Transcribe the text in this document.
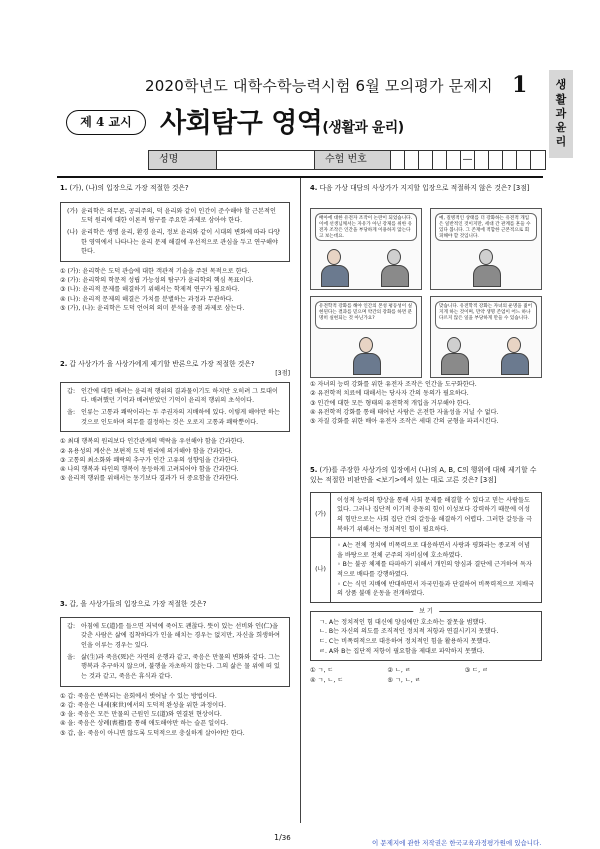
2020학년도 대학수학능력시험 6월 모의평가 문제지 1	생
활
과
윤
리
제 4 교시	사회탐구 영역(생활과 윤리)
성명	수험 번호	—
1. (가), (나)의 입장으로 가장 적절한 것은?
(가) 윤리학은 의무론, 공리주의, 덕 윤리와 같이 인간이 준수해야 할 근본적인 도덕 원리에 대한 이론적 탐구를 주요한 과제로 삼아야 한다.
(나) 윤리학은 생명 윤리, 환경 윤리, 정보 윤리와 같이 시대의 변화에 따라 다양한 영역에서 나타나는 윤리 문제 해결에 우선적으로 관심을 두고 연구해야 한다.
① (가): 윤리학은 도덕 관습에 대한 객관적 기술을 주된 목적으로 한다.
② (가): 윤리학의 학문적 성립 가능성의 탐구가 윤리학의 핵심 목표이다.
③ (나): 윤리적 문제를 해결하기 위해서는 학제적 연구가 필요하다.
④ (나): 윤리적 문제의 해결은 가치를 분별하는 과정과 무관하다.
⑤ (가), (나): 윤리학은 도덕 언어의 의미 분석을 중점 과제로 삼는다.
2. 갑 사상가가 을 사상가에게 제기할 반론으로 가장 적절한 것은?
[3점]
갑: 인간에 대한 배려는 윤리적 행위의 결과물이기도 하지만 오히려 그 토대이다. 배려했던 기억과 배려받았던 기억이 윤리적 행위의 초석이다.
을: 인류는 고통과 쾌락이라는 두 주권자의 지배하에 있다. 이렇게 해야만 하는 것으로 인도하며 의무를 결정하는 것은 오로지 고통과 쾌락뿐이다.
① 최대 행복의 원리보다 인간관계의 맥락을 우선해야 함을 간과한다.
② 유용성의 계산은 보편적 도덕 원리에 의거해야 함을 간과한다.
③ 고통의 최소화와 쾌락의 추구가 인간 고유의 성향임을 간과한다.
④ 나의 행복과 타인의 행복이 동등하게 고려되어야 함을 간과한다.
⑤ 윤리적 행위를 위해서는 동기보다 결과가 더 중요함을 간과한다.
3. 갑, 을 사상가들의 입장으로 가장 적절한 것은?
갑: 아침에 도(道)를 들으면 저녁에 죽어도 괜찮다. 뜻이 있는 선비와 인(仁)을 갖춘 사람은 삶에 집착하다가 인을 해치는 경우는 없지만, 자신을 희생하여 인을 이루는 경우는 있다.
을: 삶(生)과 죽음(死)은 자연의 운행과 같고, 죽음은 만물의 변화와 같다. 그는 행복과 추구하지 않으며, 불행을 자초하지 않는다. 그의 삶은 물 위에 떠 있는 것과 같고, 죽음은 휴식과 같다.
① 갑: 죽음은 반복되는 윤회에서 벗어날 수 있는 방법이다.
② 갑: 죽음은 내세(來世)에서의 도덕적 완성을 위한 과정이다.
③ 을: 죽음은 모든 만물의 근원인 도(道)와 연결된 현상이다.
④ 을: 죽음은 상례(喪禮)를 통해 애도해야만 하는 슬픈 일이다.
⑤ 갑, 을: 죽음이 아니면 않도록 도덕적으로 충실하게 살아야만 한다.
4. 다음 가상 대담의 사상가가 지지할 입장으로 적절하지 않은 것은? [3점]
배아에 대한 유전자 조작이 논란이 되었습니다. 이에 선생님께서는 자유가 아닌 강제를 위한 유전자 조작은 인간을 부당하게 이용하지 않는다고 보는데요.
예, 질병적인 상태를 더 강화하는 유전적 개입은 일반적인 것이지만, 세대 간 관계를 흔들 수 있다 봅니다. 그 존재에 적합한 근본적으로 회피해야 할 것입니다.
유전학적 강화를 해야 인간의 본성 평등성이 실현된다는 결과를 믿으며 약간의 강화를 하면 분명히 실현되는 것 아닌가요?
맞습니다. 유전학적 강화는 자녀의 운명을 짊어지게 하는 것이며, 만약 생명 존엄이 어느 하나 다르지 않은 일을 부당하게 만들 수 있습니다.
① 자녀의 능력 강화를 위한 유전자 조작은 인간을 도구화한다.
② 유전학적 치료에 대해서는 당사자 간의 동의가 필요하다.
③ 인간에 대한 모든 형태의 유전학적 개입을 거부해야 한다.
④ 유전학적 강화를 통해 태어난 사람은 온전한 자율성을 지닐 수 없다.
⑤ 자질 강화를 위한 배아 유전자 조작은 세대 간의 균형을 파괴시킨다.
5. (가)를 주장한 사상가의 입장에서 (나)의 A, B, C의 행위에 대해 제기할 수 있는 적절한 비판만을 <보기>에서 있는 대로 고른 것은? [3점]
(가)
이성적 능력의 향상을 통해 사회 문제를 해결할 수 있다고 믿는 사람들도 있다. 그러나 집단적 이기적 충동의 힘이 이성보다 강력하기 때문에 이성의 힘만으로는 사회 집단 간의 갈등을 해결하기 어렵다. 그러한 갈등을 극복하기 위해서는 정치적인 힘이 필요하다.
(나)
◦ A는 전체 정치에 비폭력으로 대응하면서 사랑과 평화라는 종교적 이념을 바탕으로 전체 군주의 자비심에 호소하였다.
◦ B는 불공 체제를 타파하기 위해서 개인의 양심과 결단에 근거하여 독자적으로 배타를 강행하였다.
◦ C는 식민 지배에 반대하면서 자국민들과 단결하여 비폭력적으로 지배국의 상품 불매 운동을 전개하였다.
보 기
ㄱ. A는 정치적인 힘 대신에 양심에만 호소하는 잘못을 범했다.
ㄴ. B는 자신의 의도를 조직적인 정치적 저항과 연결시키지 못했다.
ㄷ. C는 비폭력적으로 대응하여 정치적인 힘을 활용하지 못했다.
ㄹ. A와 B는 집단적 저항이 필요함을 제대로 파악하지 못했다.
① ㄱ, ㄷ	② ㄴ, ㄹ	③ ㄷ, ㄹ
④ ㄱ, ㄴ, ㄷ	⑤ ㄱ, ㄴ, ㄹ
1/36
이 문제지에 관한 저작권은 한국교육과정평가원에 있습니다.
